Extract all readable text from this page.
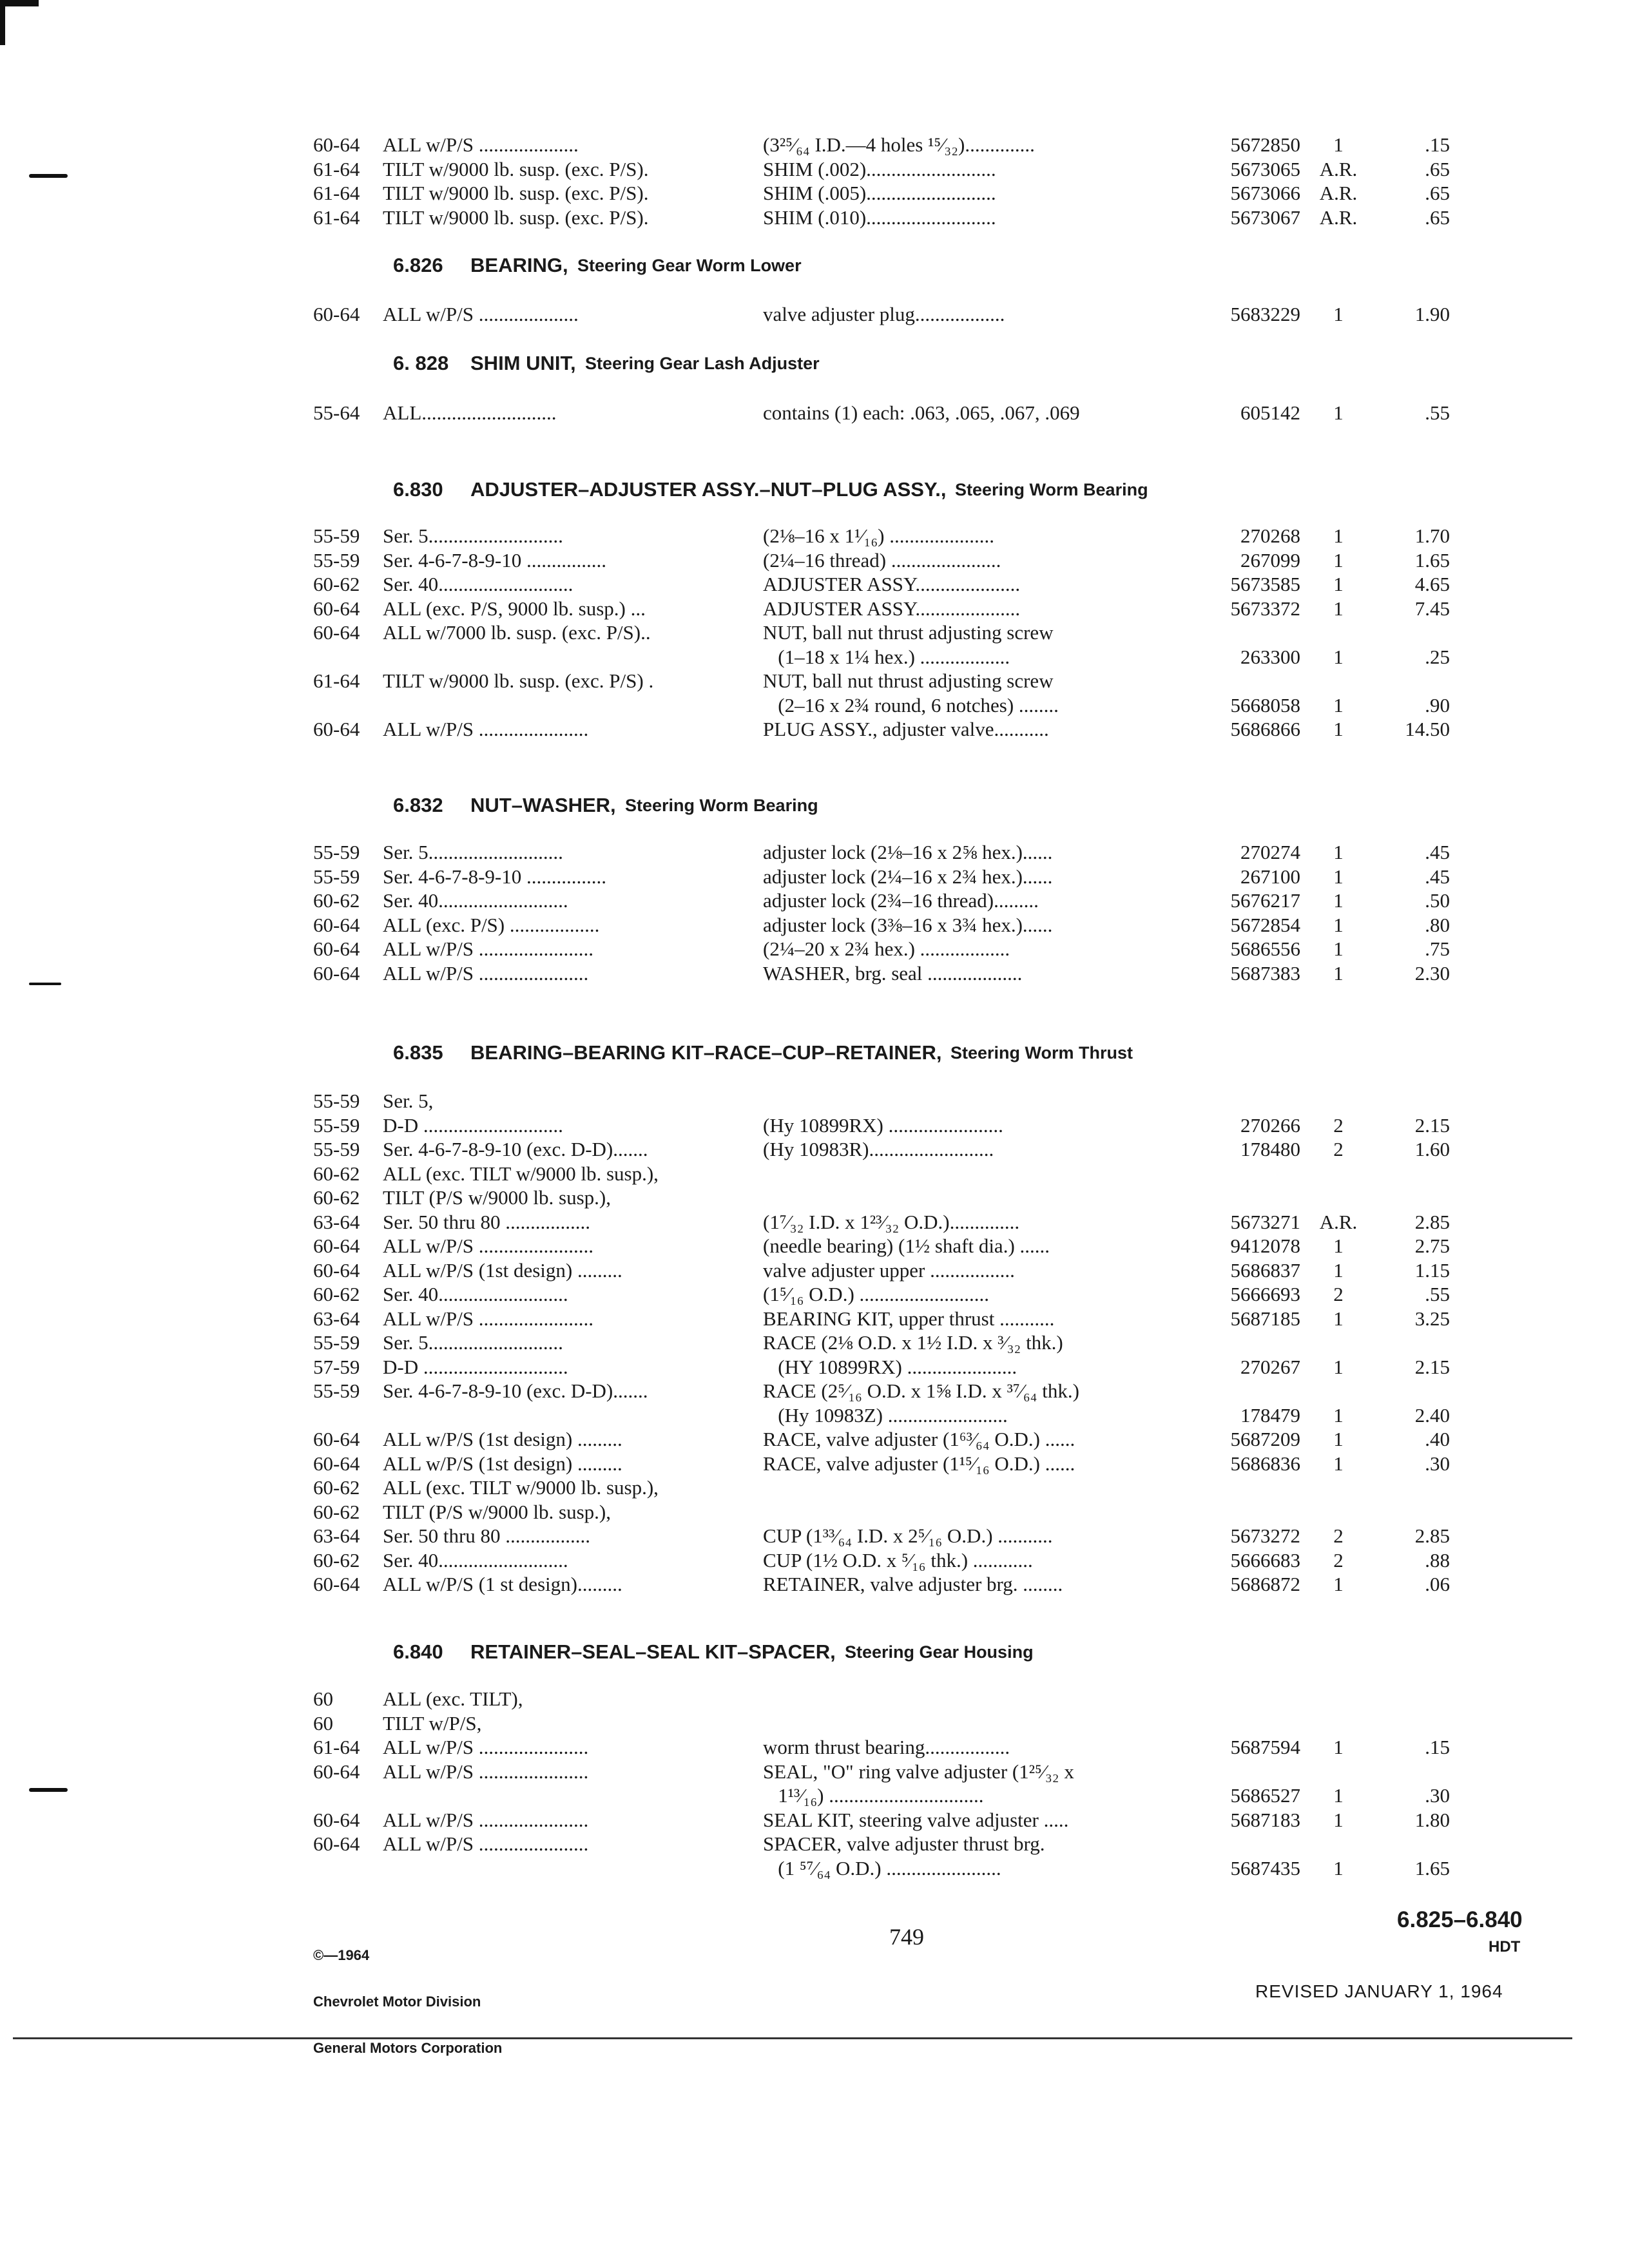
60-64 ALL w/P/S ....................	(3²⁵⁄₆₄ I.D.—4 holes ¹⁵⁄₃₂)..............	5672850	1	.15
61-64 TILT w/9000 lb. susp. (exc. P/S).	SHIM (.002)..........................	5673065 A.R.	.65
61-64 TILT w/9000 lb. susp. (exc. P/S).	SHIM (.005)..........................	5673066 A.R.	.65
61-64 TILT w/9000 lb. susp. (exc. P/S).	SHIM (.010)..........................	5673067 A.R.	.65
6.826 BEARING, Steering Gear Worm Lower
60-64 ALL w/P/S ....................	valve adjuster plug..................	5683229	1	1.90
6. 828 SHIM UNIT, Steering Gear Lash Adjuster
55-64 ALL...........................	contains (1) each: .063, .065, .067, .069	605142	1	.55
6.830 ADJUSTER–ADJUSTER ASSY.–NUT–PLUG ASSY., Steering Worm Bearing
55-59 Ser. 5...........................	(2⅛–16 x 1¹⁄₁₆) .....................	270268	1	1.70
55-59 Ser. 4-6-7-8-9-10 ................	(2¼–16 thread) ......................	267099	1	1.65
60-62 Ser. 40...........................	ADJUSTER ASSY.....................	5673585	1	4.65
60-64 ALL (exc. P/S, 9000 lb. susp.) ...	ADJUSTER ASSY.....................	5673372	1	7.45
60-64 ALL w/7000 lb. susp. (exc. P/S)..	NUT, ball nut thrust adjusting screw
(1–18 x 1¼ hex.) ..................	263300	1	.25
61-64 TILT w/9000 lb. susp. (exc. P/S) .	NUT, ball nut thrust adjusting screw
(2–16 x 2¾ round, 6 notches) ........	5668058	1	.90
60-64 ALL w/P/S ......................	PLUG ASSY., adjuster valve...........	5686866	1	14.50
6.832 NUT–WASHER, Steering Worm Bearing
55-59 Ser. 5...........................	adjuster lock (2⅛–16 x 2⅝ hex.)......	270274	1	.45
55-59 Ser. 4-6-7-8-9-10 ................	adjuster lock (2¼–16 x 2¾ hex.)......	267100	1	.45
60-62 Ser. 40..........................	adjuster lock (2¾–16 thread).........	5676217	1	.50
60-64 ALL (exc. P/S) ..................	adjuster lock (3⅜–16 x 3¾ hex.)......	5672854	1	.80
60-64 ALL w/P/S .......................	(2¼–20 x 2¾ hex.) ..................	5686556	1	.75
60-64 ALL w/P/S ......................	WASHER, brg. seal ...................	5687383	1	2.30
6.835 BEARING–BEARING KIT–RACE–CUP–RETAINER, Steering Worm Thrust
55-59 Ser. 5,
55-59 D-D ............................	(Hy 10899RX) .......................	270266	2	2.15
55-59 Ser. 4-6-7-8-9-10 (exc. D-D).......	(Hy 10983R).........................	178480	2	1.60
60-62 ALL (exc. TILT w/9000 lb. susp.),
60-62 TILT (P/S w/9000 lb. susp.),
63-64 Ser. 50 thru 80 .................	(1⁷⁄₃₂ I.D. x 1²³⁄₃₂ O.D.)..............	5673271 A.R.	2.85
60-64 ALL w/P/S .......................	(needle bearing) (1½ shaft dia.) ......	9412078	1	2.75
60-64 ALL w/P/S (1st design) .........	valve adjuster upper .................	5686837	1	1.15
60-62 Ser. 40..........................	(1⁵⁄₁₆ O.D.) ..........................	5666693	2	.55
63-64 ALL w/P/S .......................	BEARING KIT, upper thrust ...........	5687185	1	3.25
55-59 Ser. 5...........................	RACE (2⅛ O.D. x 1½ I.D. x ³⁄₃₂ thk.)
57-59 D-D .............................	(HY 10899RX) ......................	270267	1	2.15
55-59 Ser. 4-6-7-8-9-10 (exc. D-D).......	RACE (2⁵⁄₁₆ O.D. x 1⅝ I.D. x ³⁷⁄₆₄ thk.)
(Hy 10983Z) ........................	178479	1	2.40
60-64 ALL w/P/S (1st design) .........	RACE, valve adjuster (1⁶³⁄₆₄ O.D.) ......	5687209	1	.40
60-64 ALL w/P/S (1st design) .........	RACE, valve adjuster (1¹⁵⁄₁₆ O.D.) ......	5686836	1	.30
60-62 ALL (exc. TILT w/9000 lb. susp.),
60-62 TILT (P/S w/9000 lb. susp.),
63-64 Ser. 50 thru 80 .................	CUP (1³³⁄₆₄ I.D. x 2⁵⁄₁₆ O.D.) ...........	5673272	2	2.85
60-62 Ser. 40..........................	CUP (1½ O.D. x ⁵⁄₁₆ thk.) ............	5666683	2	.88
60-64 ALL w/P/S (1 st design).........	RETAINER, valve adjuster brg. ........	5686872	1	.06
6.840 RETAINER–SEAL–SEAL KIT–SPACER, Steering Gear Housing
60 ALL (exc. TILT),
60 TILT w/P/S,
61-64 ALL w/P/S ......................	worm thrust bearing.................	5687594	1	.15
60-64 ALL w/P/S ......................	SEAL, "O" ring valve adjuster (1²⁵⁄₃₂ x
1¹³⁄₁₆) ...............................	5686527	1	.30
60-64 ALL w/P/S ......................	SEAL KIT, steering valve adjuster .....	5687183	1	1.80
60-64 ALL w/P/S ......................	SPACER, valve adjuster thrust brg.
(1 ⁵⁷⁄₆₄ O.D.) .......................	5687435	1	1.65

©—1964

Chevrolet Motor Division

General Motors Corporation

749
6.825–6.840
HDT
REVISED JANUARY 1, 1964
